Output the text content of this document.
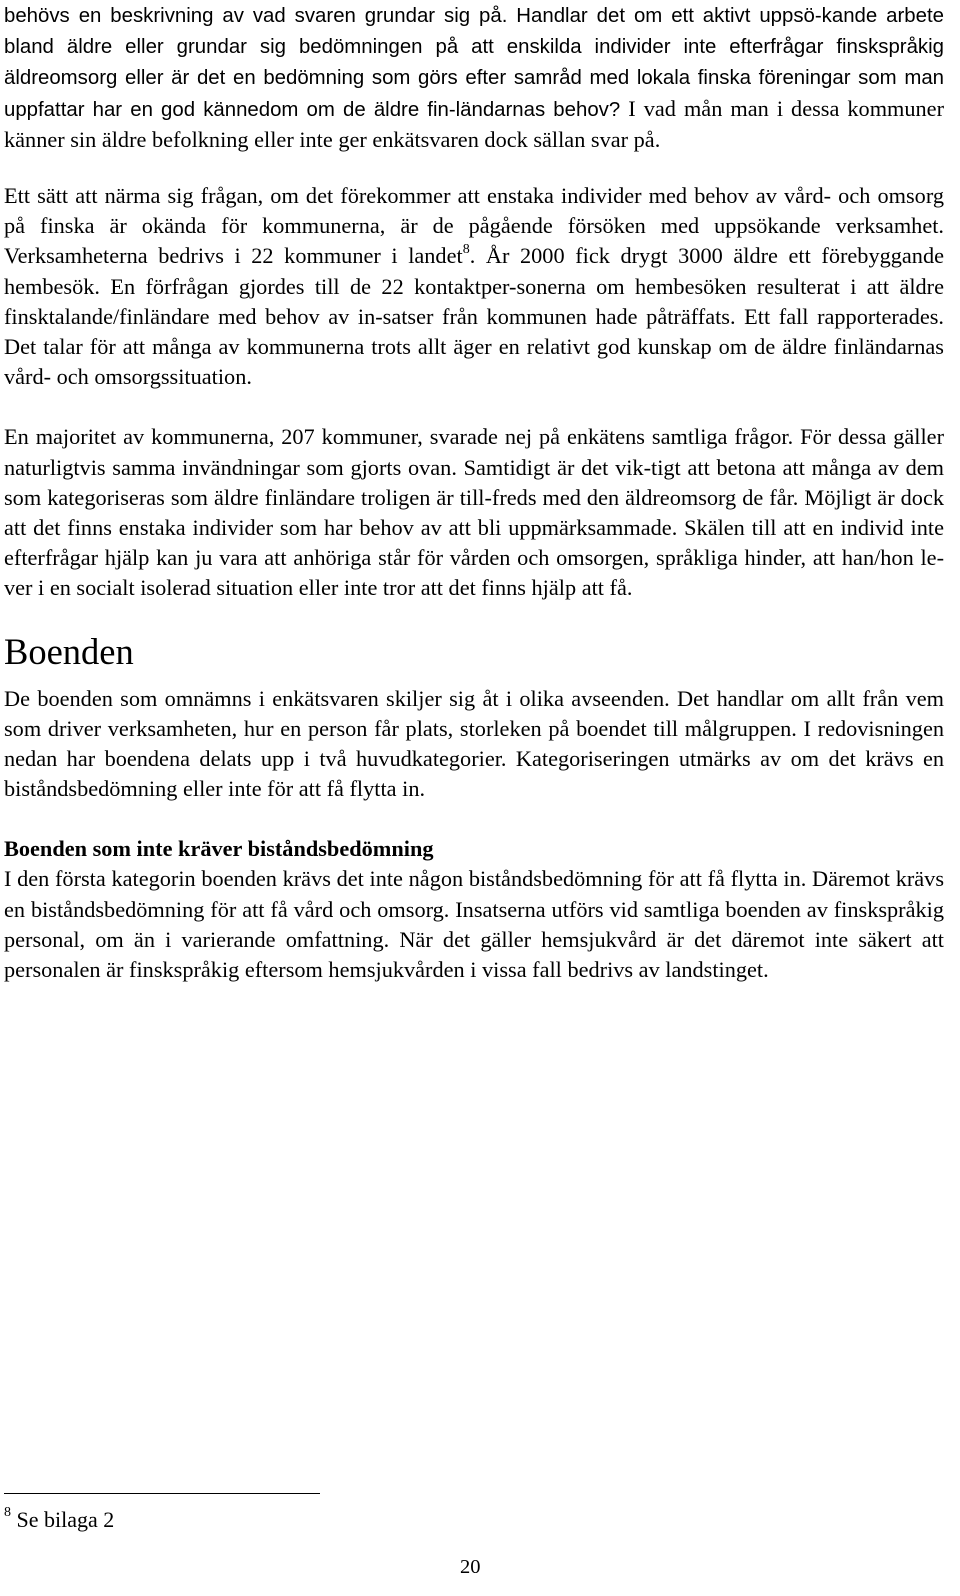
behövs en beskrivning av vad svaren grundar sig på. Handlar det om ett aktivt uppsö-kande arbete bland äldre eller grundar sig bedömningen på att enskilda individer inte efterfrågar finskspråkig äldreomsorg eller är det en bedömning som görs efter samråd med lokala finska föreningar som man uppfattar har en god kännedom om de äldre fin-ländarnas behov? I vad mån man i dessa kommuner känner sin äldre befolkning eller inte ger enkätsvaren dock sällan svar på.

Ett sätt att närma sig frågan, om det förekommer att enstaka individer med behov av vård- och omsorg på finska är okända för kommunerna, är de pågående försöken med uppsökande verksamhet. Verksamheterna bedrivs i 22 kommuner i landet$^8$. År 2000 fick drygt 3000 äldre ett förebyggande hembesök. En förfrågan gjordes till de 22 kontaktper-sonerna om hembesöken resulterat i att äldre finsktalande/finländare med behov av in-satser från kommunen hade påträffats. Ett fall rapporterades. Det talar för att många av kommunerna trots allt äger en relativt god kunskap om de äldre finländarnas vård- och omsorgssituation.

En majoritet av kommunerna, 207 kommuner, svarade nej på enkätens samtliga frågor. För dessa gäller naturligtvis samma invändningar som gjorts ovan. Samtidigt är det vik-tigt att betona att många av dem som kategoriseras som äldre finländare troligen är till-freds med den äldreomsorg de får. Möjligt är dock att det finns enstaka individer som har behov av att bli uppmärksammade. Skälen till att en individ inte efterfrågar hjälp kan ju vara att anhöriga står för vården och omsorgen, språkliga hinder, att han/hon le-ver i en socialt isolerad situation eller inte tror att det finns hjälp att få.

Boenden

De boenden som omnämns i enkätsvaren skiljer sig åt i olika avseenden. Det handlar om allt från vem som driver verksamheten, hur en person får plats, storleken på boendet till målgruppen. I redovisningen nedan har boendena delats upp i två huvudkategorier. Kategoriseringen utmärks av om det krävs en biståndsbedömning eller inte för att få flytta in.

Boenden som inte kräver biståndsbedömning

I den första kategorin boenden krävs det inte någon biståndsbedömning för att få flytta in. Däremot krävs en biståndsbedömning för att få vård och omsorg. Insatserna utförs vid samtliga boenden av finskspråkig personal, om än i varierande omfattning. När det gäller hemsjukvård är det däremot inte säkert att personalen är finskspråkig eftersom hemsjukvården i vissa fall bedrivs av landstinget.

$^8$ Se bilaga 2
20
